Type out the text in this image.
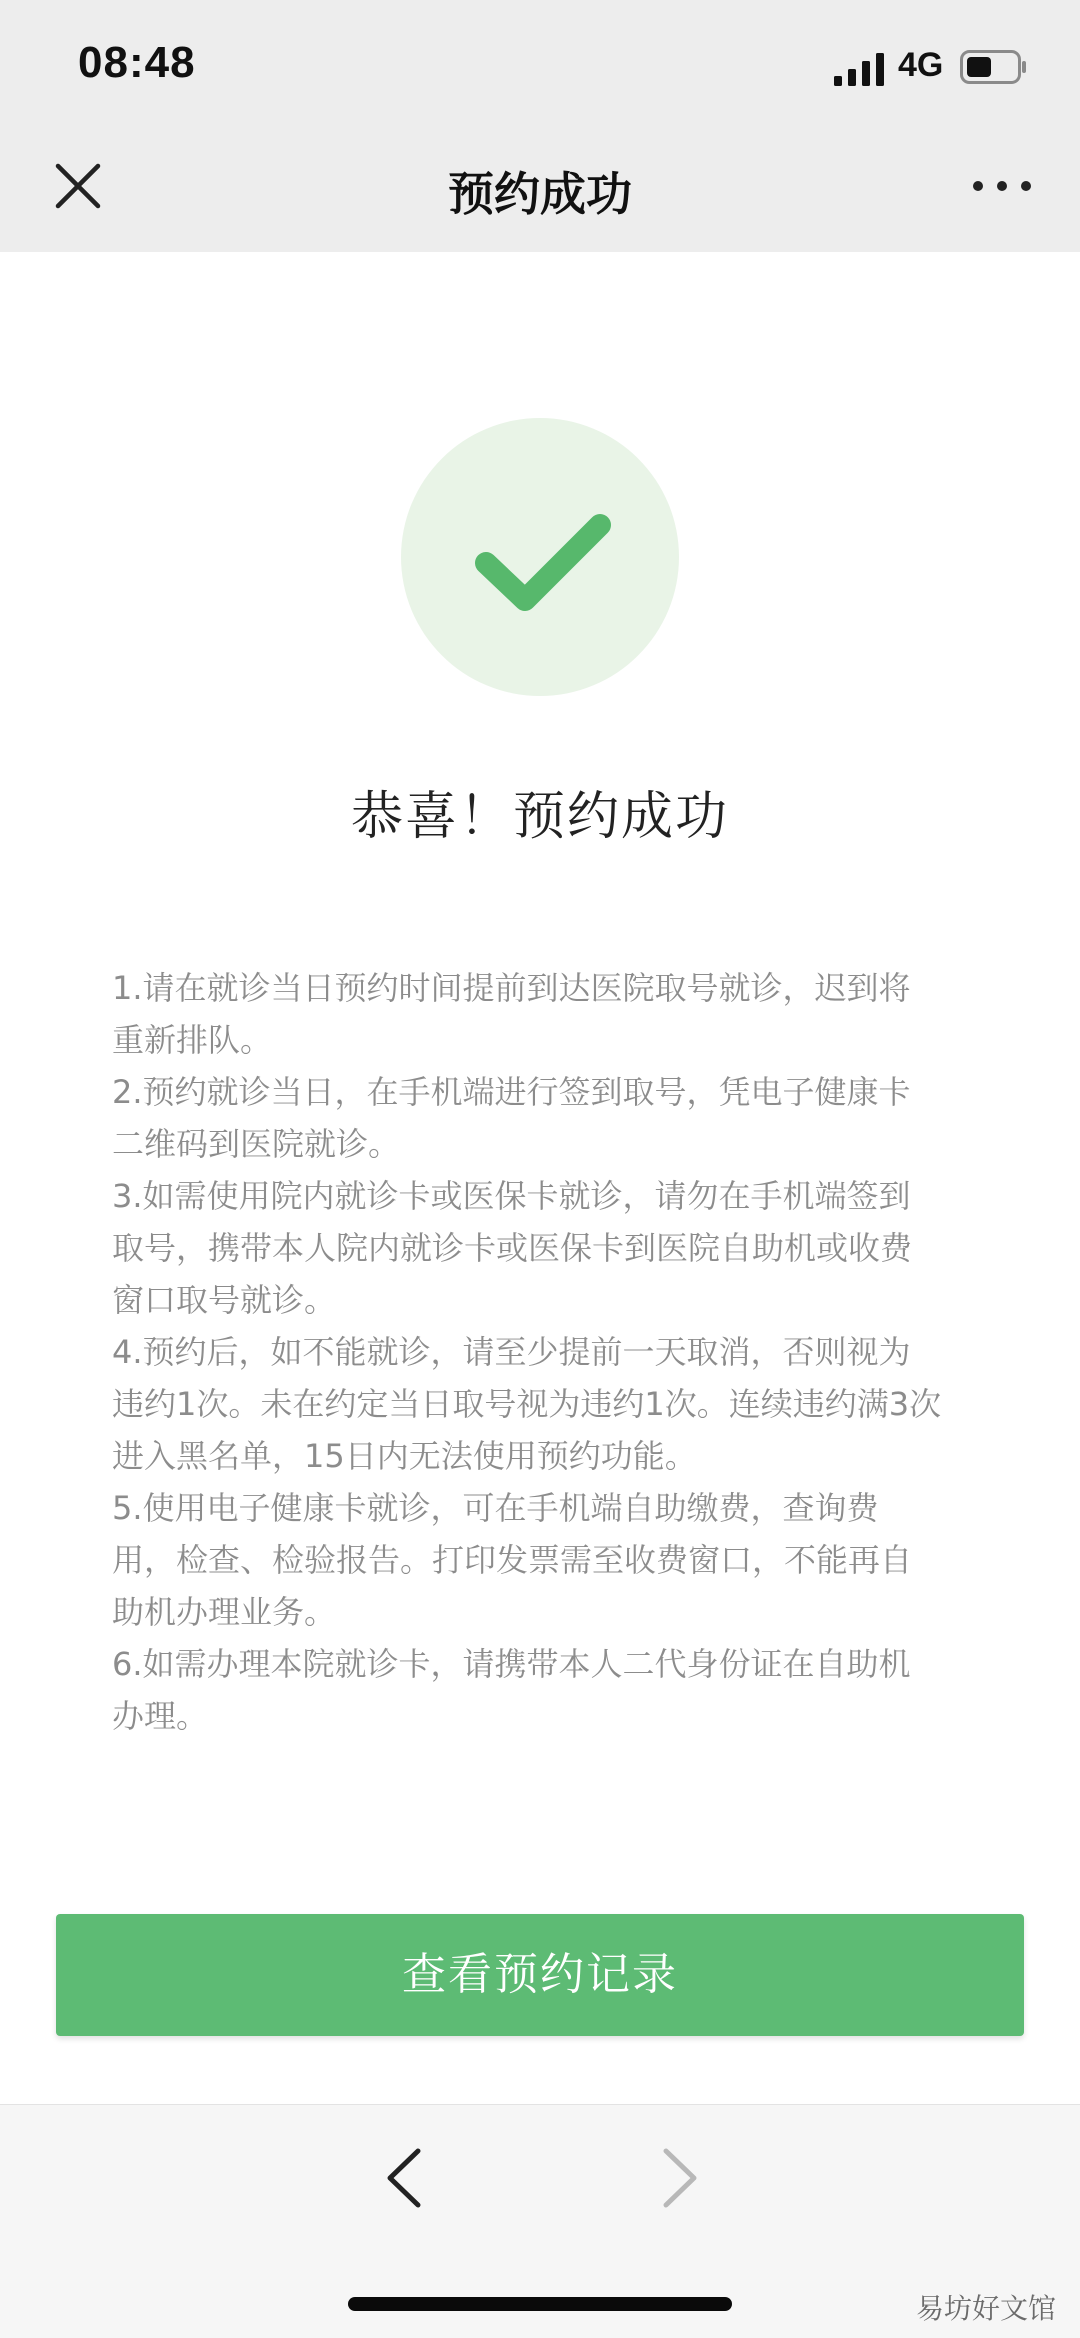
08:48	4G
预约成功
恭喜！预约成功

1.请在就诊当日预约时间提前到达医院取号就诊，迟到将

重新排队。

2.预约就诊当日，在手机端进行签到取号，凭电子健康卡

二维码到医院就诊。

3.如需使用院内就诊卡或医保卡就诊，请勿在手机端签到

取号，携带本人院内就诊卡或医保卡到医院自助机或收费

窗口取号就诊。

4.预约后，如不能就诊，请至少提前一天取消，否则视为

违约1次。未在约定当日取号视为违约1次。连续违约满3次

进入黑名单，15日内无法使用预约功能。

5.使用电子健康卡就诊，可在手机端自助缴费，查询费

用，检查、检验报告。打印发票需至收费窗口，不能再自

助机办理业务。

6.如需办理本院就诊卡，请携带本人二代身份证在自助机

办理。

查看预约记录
易坊好文馆
